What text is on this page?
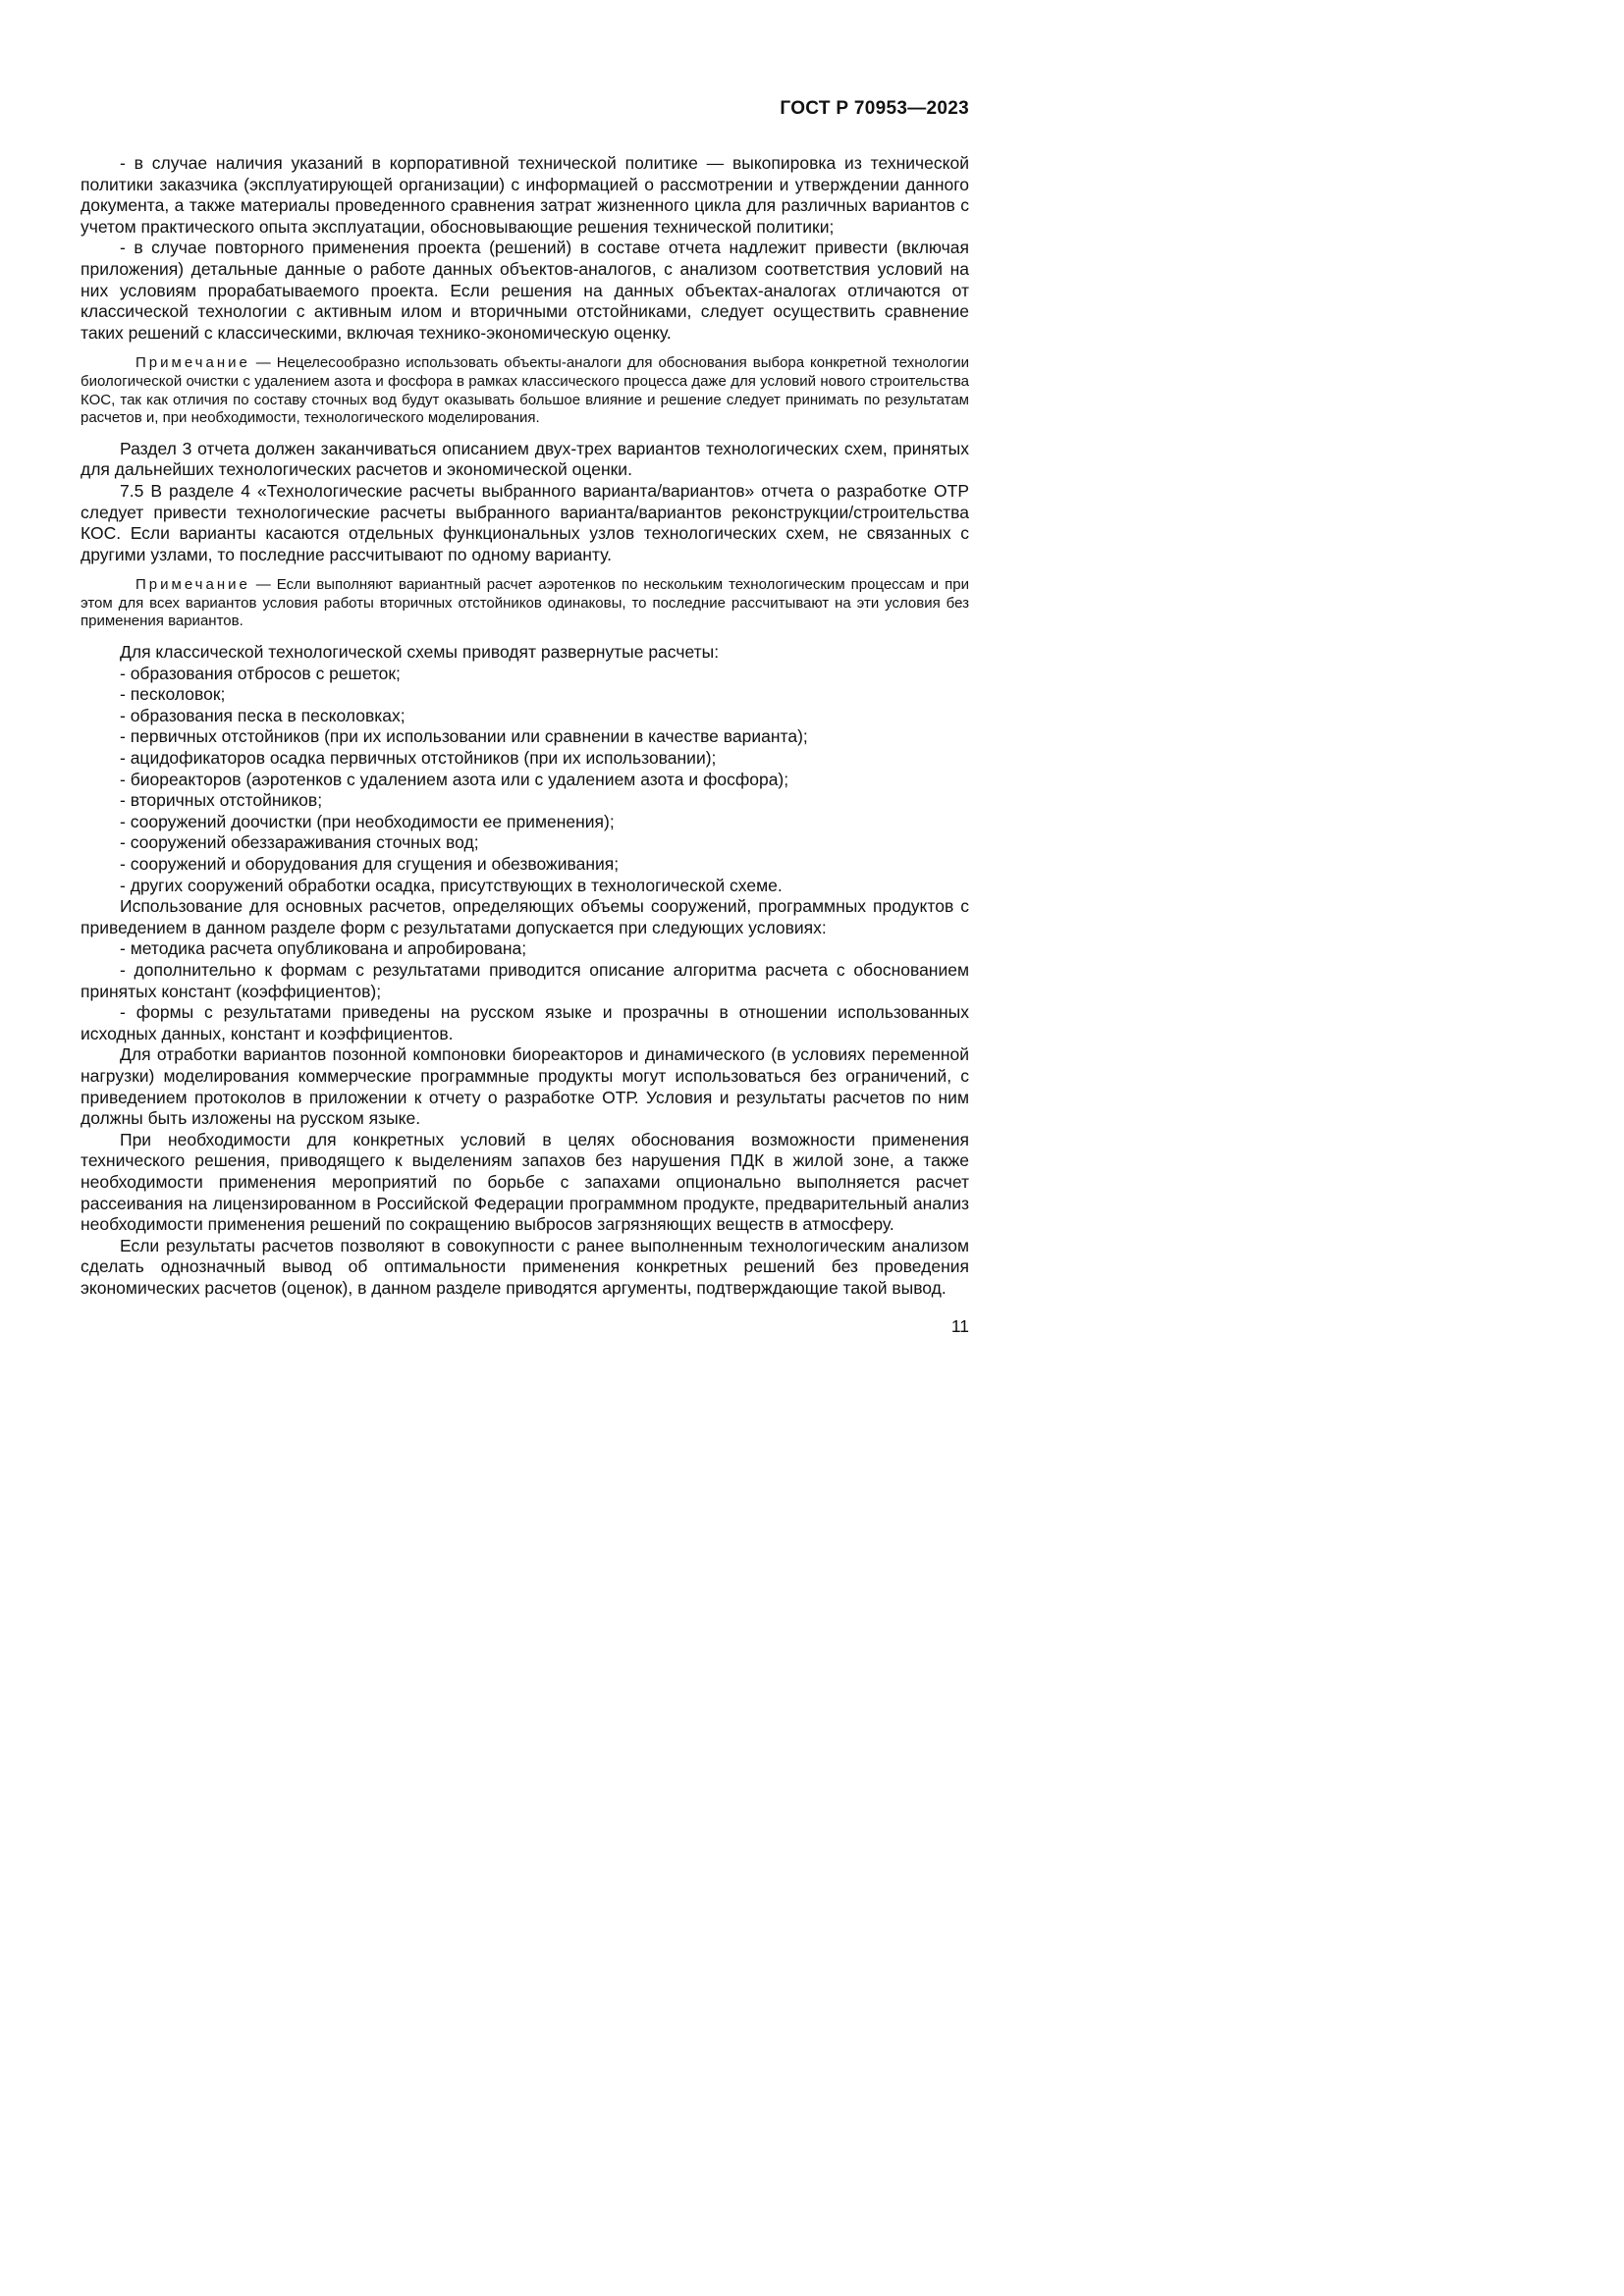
ГОСТ Р 70953—2023

- в случае наличия указаний в корпоративной технической политике — выкопировка из технической политики заказчика (эксплуатирующей организации) с информацией о рассмотрении и утверждении данного документа, а также материалы проведенного сравнения затрат жизненного цикла для различных вариантов с учетом практического опыта эксплуатации, обосновывающие решения технической политики;

- в случае повторного применения проекта (решений) в составе отчета надлежит привести (включая приложения) детальные данные о работе данных объектов-аналогов, с анализом соответствия условий на них условиям прорабатываемого проекта. Если решения на данных объектах-аналогах отличаются от классической технологии с активным илом и вторичными отстойниками, следует осуществить сравнение таких решений с классическими, включая технико-экономическую оценку.

Примечание — Нецелесообразно использовать объекты-аналоги для обоснования выбора конкретной технологии биологической очистки с удалением азота и фосфора в рамках классического процесса даже для условий нового строительства КОС, так как отличия по составу сточных вод будут оказывать большое влияние и решение следует принимать по результатам расчетов и, при необходимости, технологического моделирования.

Раздел 3 отчета должен заканчиваться описанием двух-трех вариантов технологических схем, принятых для дальнейших технологических расчетов и экономической оценки.

7.5 В разделе 4 «Технологические расчеты выбранного варианта/вариантов» отчета о разработке ОТР следует привести технологические расчеты выбранного варианта/вариантов реконструкции/строительства КОС. Если варианты касаются отдельных функциональных узлов технологических схем, не связанных с другими узлами, то последние рассчитывают по одному варианту.

Примечание — Если выполняют вариантный расчет аэротенков по нескольким технологическим процессам и при этом для всех вариантов условия работы вторичных отстойников одинаковы, то последние рассчитывают на эти условия без применения вариантов.

Для классической технологической схемы приводят развернутые расчеты:

- образования отбросов с решеток;

- песколовок;

- образования песка в песколовках;

- первичных отстойников (при их использовании или сравнении в качестве варианта);

- ацидофикаторов осадка первичных отстойников (при их использовании);

- биореакторов (аэротенков с удалением азота или с удалением азота и фосфора);

- вторичных отстойников;

- сооружений доочистки (при необходимости ее применения);

- сооружений обеззараживания сточных вод;

- сооружений и оборудования для сгущения и обезвоживания;

- других сооружений обработки осадка, присутствующих в технологической схеме.

Использование для основных расчетов, определяющих объемы сооружений, программных продуктов с приведением в данном разделе форм с результатами допускается при следующих условиях:

- методика расчета опубликована и апробирована;

- дополнительно к формам с результатами приводится описание алгоритма расчета с обоснованием принятых констант (коэффициентов);

- формы с результатами приведены на русском языке и прозрачны в отношении использованных исходных данных, констант и коэффициентов.

Для отработки вариантов позонной компоновки биореакторов и динамического (в условиях переменной нагрузки) моделирования коммерческие программные продукты могут использоваться без ограничений, с приведением протоколов в приложении к отчету о разработке ОТР. Условия и результаты расчетов по ним должны быть изложены на русском языке.

При необходимости для конкретных условий в целях обоснования возможности применения технического решения, приводящего к выделениям запахов без нарушения ПДК в жилой зоне, а также необходимости применения мероприятий по борьбе с запахами опционально выполняется расчет рассеивания на лицензированном в Российской Федерации программном продукте, предварительный анализ необходимости применения решений по сокращению выбросов загрязняющих веществ в атмосферу.

Если результаты расчетов позволяют в совокупности с ранее выполненным технологическим анализом сделать однозначный вывод об оптимальности применения конкретных решений без проведения экономических расчетов (оценок), в данном разделе приводятся аргументы, подтверждающие такой вывод.

11
